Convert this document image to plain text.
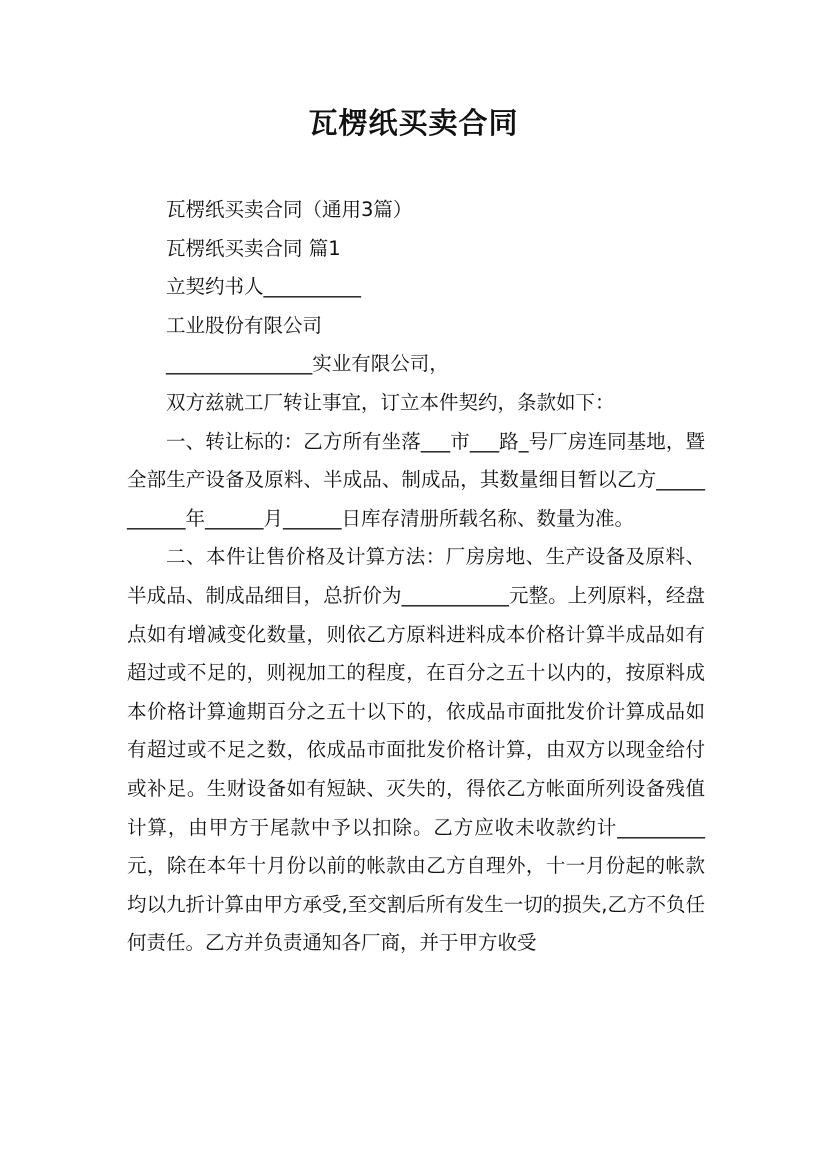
瓦楞纸买卖合同

瓦楞纸买卖合同（通用3篇）

瓦楞纸买卖合同 篇1

立契约书人__________

工业股份有限公司

_______________实业有限公司，

双方兹就工厂转让事宜，订立本件契约，条款如下：

一、转让标的：乙方所有坐落___市___路_号厂房连同基地，暨全部生产设备及原料、半成品、制成品，其数量细目暂以乙方___________年______月______日库存清册所载名称、数量为准。

二、本件让售价格及计算方法：厂房房地、生产设备及原料、半成品、制成品细目，总折价为___________元整。上列原料，经盘点如有增减变化数量，则依乙方原料进料成本价格计算半成品如有超过或不足的，则视加工的程度，在百分之五十以内的，按原料成本价格计算逾期百分之五十以下的，依成品市面批发价计算成品如有超过或不足之数，依成品市面批发价格计算，由双方以现金给付或补足。生财设备如有短缺、灭失的，得依乙方帐面所列设备残值计算，由甲方于尾款中予以扣除。乙方应收未收款约计_________元，除在本年十月份以前的帐款由乙方自理外，十一月份起的帐款均以九折计算由甲方承受,至交割后所有发生一切的损失,乙方不负任何责任。乙方并负责通知各厂商，并于甲方收受
